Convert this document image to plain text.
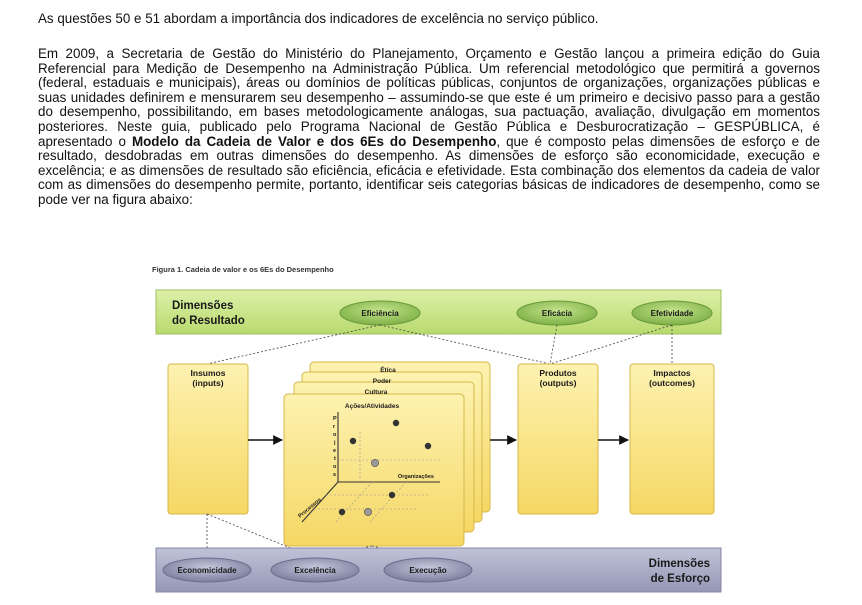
As questões 50 e 51 abordam a importância dos indicadores de excelência no serviço público.

Em 2009, a Secretaria de Gestão do Ministério do Planejamento, Orçamento e Gestão lançou a primeira edição do Guia Referencial para Medição de Desempenho na Administração Pública. Um referencial metodológico que permitirá a governos (federal, estaduais e municipais), áreas ou domínios de políticas públicas, conjuntos de organizações, organizações públicas e suas unidades definirem e mensurarem seu desempenho – assumindo-se que este é um primeiro e decisivo passo para a gestão do desempenho, possibilitando, em bases metodologicamente análogas, sua pactuação, avaliação, divulgação em momentos posteriores. Neste guia, publicado pelo Programa Nacional de Gestão Pública e Desburocratização – GESPÚBLICA, é apresentado o Modelo da Cadeia de Valor e dos 6Es do Desempenho, que é composto pelas dimensões de esforço e de resultado, desdobradas em outras dimensões do desempenho. As dimensões de esforço são economicidade, execução e excelência; e as dimensões de resultado são eficiência, eficácia e efetividade. Esta combinação dos elementos da cadeia de valor com as dimensões do desempenho permite, portanto, identificar seis categorias básicas de indicadores de desempenho, como se pode ver na figura abaixo:

Figura 1. Cadeia de valor e os 6Es do Desempenho
Dimensões
do Resultado
Eficiência	Eficácia	Efetividade
Insumos
(inputs)
Ética
Poder
Cultura
Ações/Atividades
Organizações
Processos
P
r
o
j
e
t
o
s
Produtos
(outputs)
Impactos
(outcomes)
Dimensões
de Esforço
Economicidade	Excelência	Execução
